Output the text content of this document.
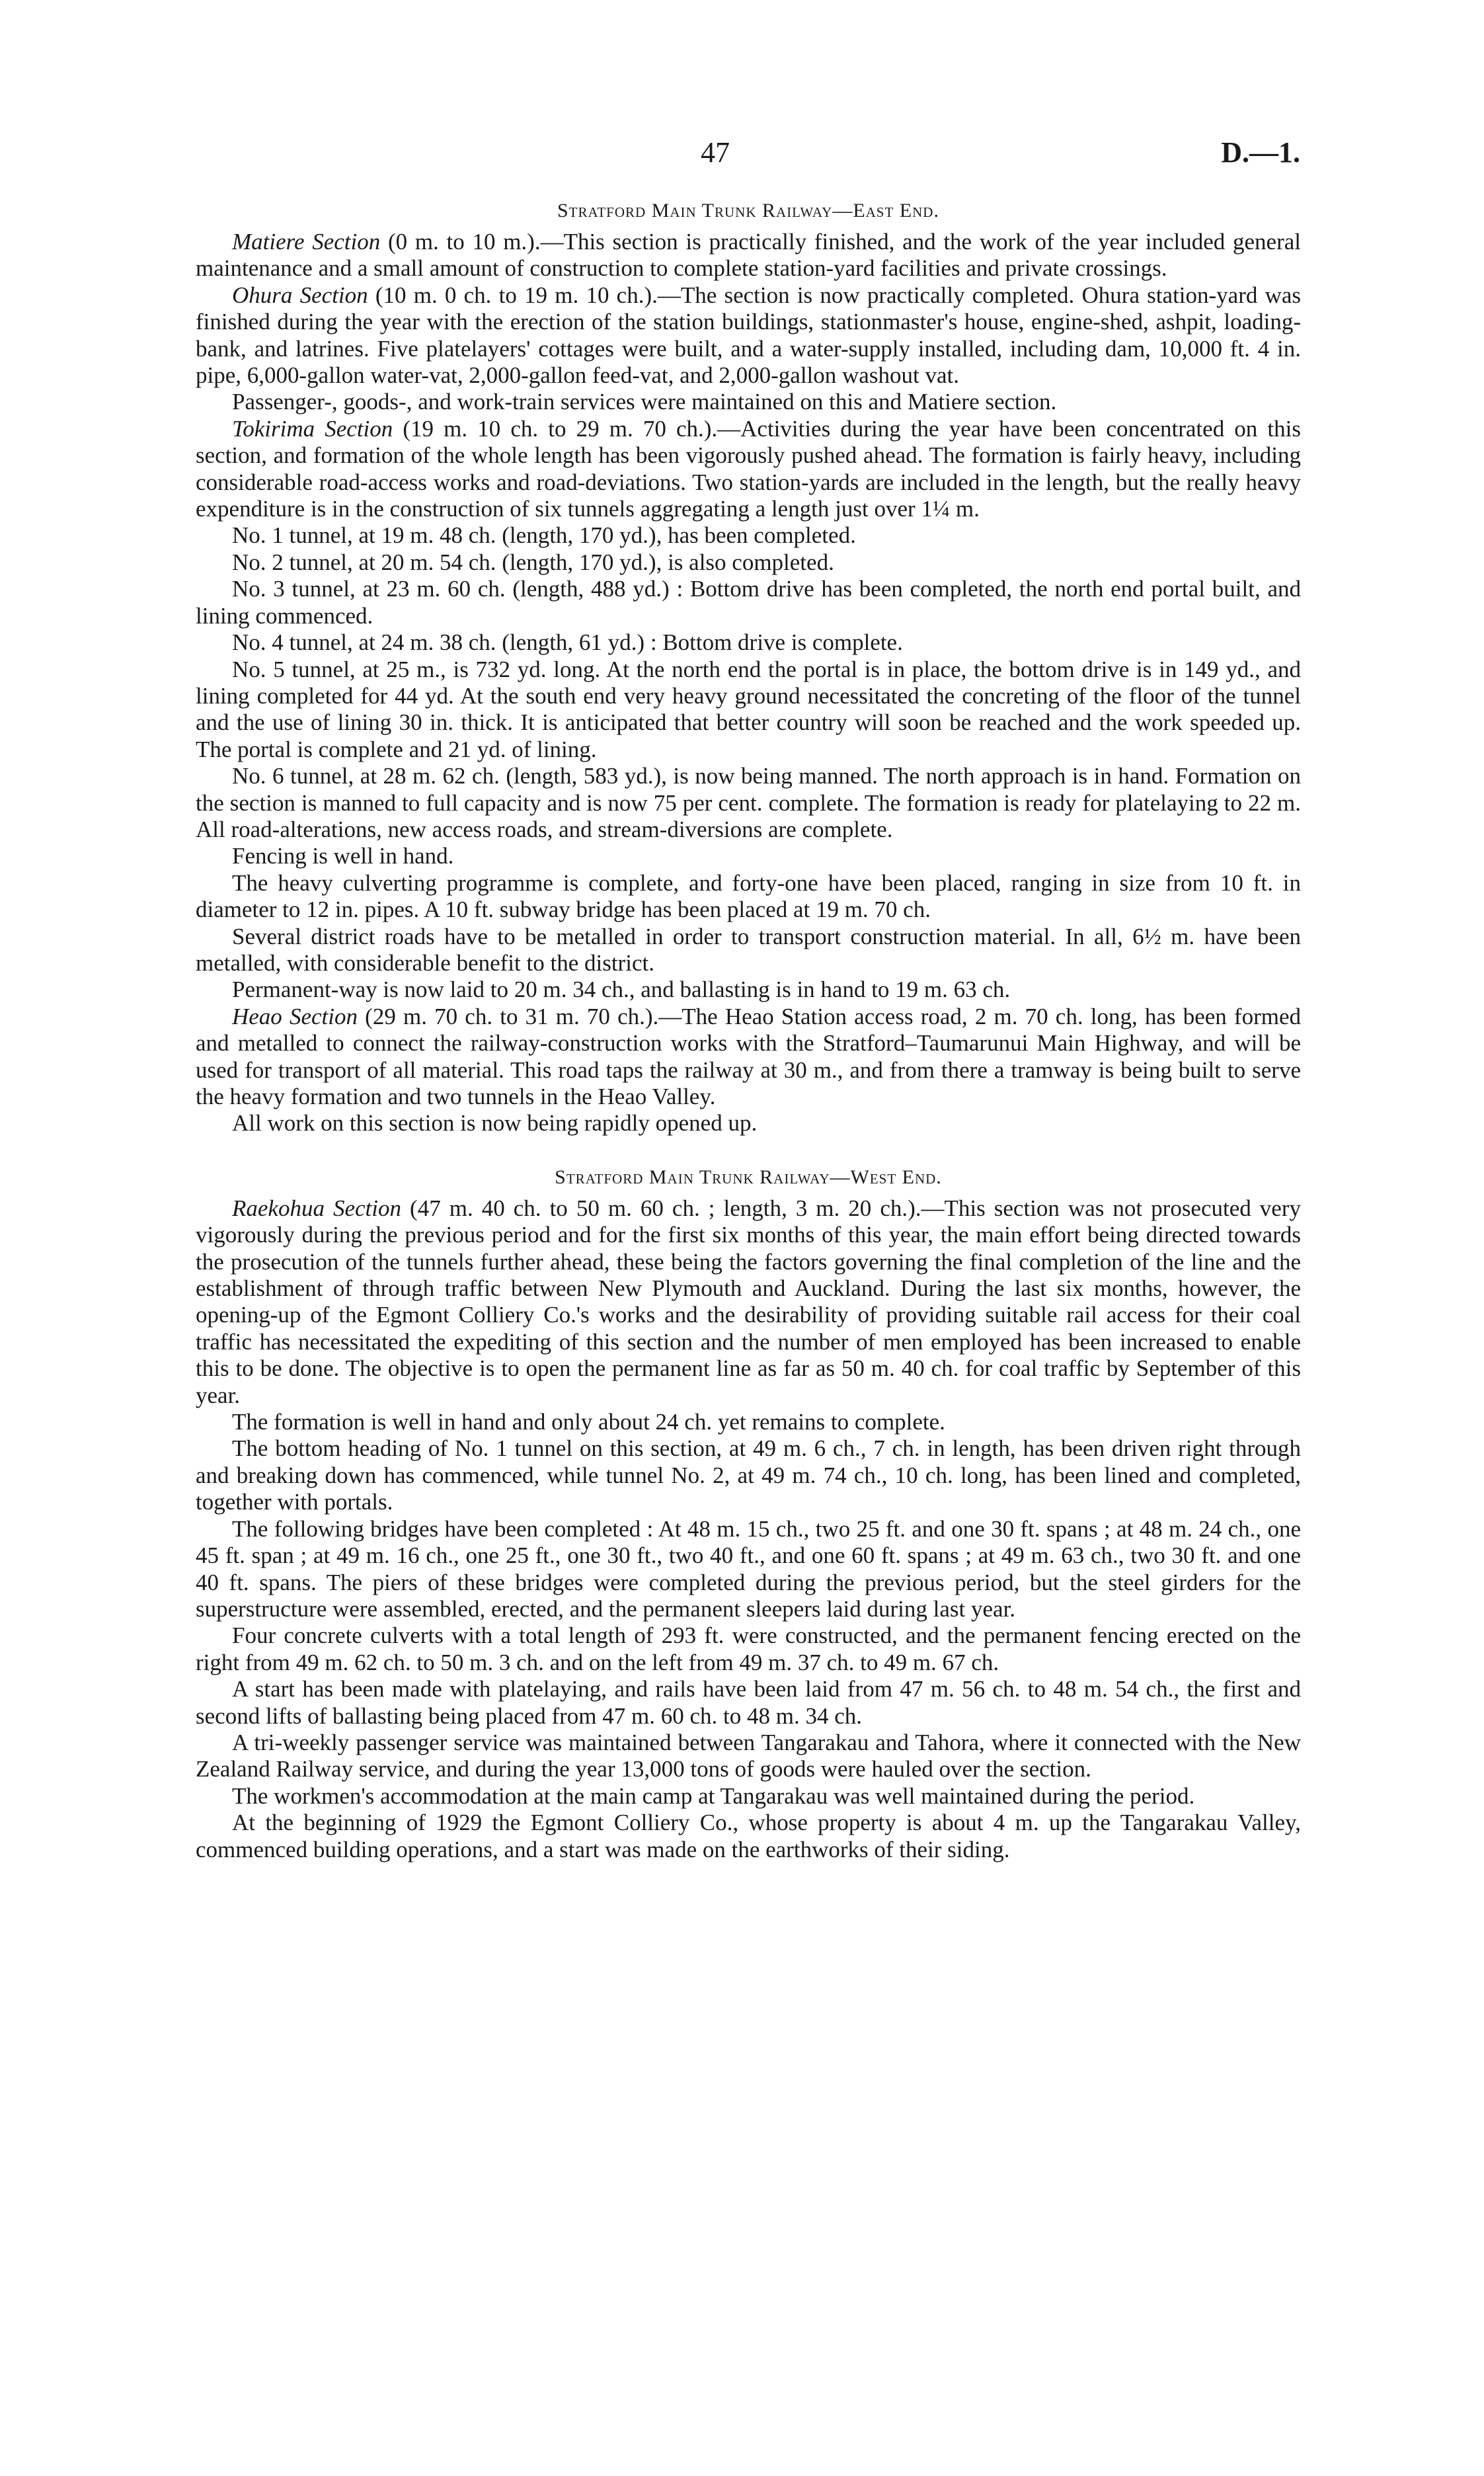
47	D.—1.
Stratford Main Trunk Railway—East End.

Matiere Section (0 m. to 10 m.).—This section is practically finished, and the work of the year included general maintenance and a small amount of construction to complete station-yard facilities and private crossings.

Ohura Section (10 m. 0 ch. to 19 m. 10 ch.).—The section is now practically completed. Ohura station-yard was finished during the year with the erection of the station buildings, stationmaster's house, engine-shed, ashpit, loading-bank, and latrines. Five platelayers' cottages were built, and a water-supply installed, including dam, 10,000 ft. 4 in. pipe, 6,000-gallon water-vat, 2,000-gallon feed-vat, and 2,000-gallon washout vat.

Passenger-, goods-, and work-train services were maintained on this and Matiere section.

Tokirima Section (19 m. 10 ch. to 29 m. 70 ch.).—Activities during the year have been concentrated on this section, and formation of the whole length has been vigorously pushed ahead. The formation is fairly heavy, including considerable road-access works and road-deviations. Two station-yards are included in the length, but the really heavy expenditure is in the construction of six tunnels aggregating a length just over 1¼ m.

No. 1 tunnel, at 19 m. 48 ch. (length, 170 yd.), has been completed.

No. 2 tunnel, at 20 m. 54 ch. (length, 170 yd.), is also completed.

No. 3 tunnel, at 23 m. 60 ch. (length, 488 yd.) : Bottom drive has been completed, the north end portal built, and lining commenced.

No. 4 tunnel, at 24 m. 38 ch. (length, 61 yd.) : Bottom drive is complete.

No. 5 tunnel, at 25 m., is 732 yd. long. At the north end the portal is in place, the bottom drive is in 149 yd., and lining completed for 44 yd. At the south end very heavy ground necessitated the concreting of the floor of the tunnel and the use of lining 30 in. thick. It is anticipated that better country will soon be reached and the work speeded up. The portal is complete and 21 yd. of lining.

No. 6 tunnel, at 28 m. 62 ch. (length, 583 yd.), is now being manned. The north approach is in hand. Formation on the section is manned to full capacity and is now 75 per cent. complete. The formation is ready for platelaying to 22 m. All road-alterations, new access roads, and stream-diversions are complete.

Fencing is well in hand.

The heavy culverting programme is complete, and forty-one have been placed, ranging in size from 10 ft. in diameter to 12 in. pipes. A 10 ft. subway bridge has been placed at 19 m. 70 ch.

Several district roads have to be metalled in order to transport construction material. In all, 6½ m. have been metalled, with considerable benefit to the district.

Permanent-way is now laid to 20 m. 34 ch., and ballasting is in hand to 19 m. 63 ch.

Heao Section (29 m. 70 ch. to 31 m. 70 ch.).—The Heao Station access road, 2 m. 70 ch. long, has been formed and metalled to connect the railway-construction works with the Stratford–Taumarunui Main Highway, and will be used for transport of all material. This road taps the railway at 30 m., and from there a tramway is being built to serve the heavy formation and two tunnels in the Heao Valley.

All work on this section is now being rapidly opened up.

Stratford Main Trunk Railway—West End.

Raekohua Section (47 m. 40 ch. to 50 m. 60 ch. ; length, 3 m. 20 ch.).—This section was not prosecuted very vigorously during the previous period and for the first six months of this year, the main effort being directed towards the prosecution of the tunnels further ahead, these being the factors governing the final completion of the line and the establishment of through traffic between New Plymouth and Auckland. During the last six months, however, the opening-up of the Egmont Colliery Co.'s works and the desirability of providing suitable rail access for their coal traffic has necessitated the expediting of this section and the number of men employed has been increased to enable this to be done. The objective is to open the permanent line as far as 50 m. 40 ch. for coal traffic by September of this year.

The formation is well in hand and only about 24 ch. yet remains to complete.

The bottom heading of No. 1 tunnel on this section, at 49 m. 6 ch., 7 ch. in length, has been driven right through and breaking down has commenced, while tunnel No. 2, at 49 m. 74 ch., 10 ch. long, has been lined and completed, together with portals.

The following bridges have been completed : At 48 m. 15 ch., two 25 ft. and one 30 ft. spans ; at 48 m. 24 ch., one 45 ft. span ; at 49 m. 16 ch., one 25 ft., one 30 ft., two 40 ft., and one 60 ft. spans ; at 49 m. 63 ch., two 30 ft. and one 40 ft. spans. The piers of these bridges were completed during the previous period, but the steel girders for the superstructure were assembled, erected, and the permanent sleepers laid during last year.

Four concrete culverts with a total length of 293 ft. were constructed, and the permanent fencing erected on the right from 49 m. 62 ch. to 50 m. 3 ch. and on the left from 49 m. 37 ch. to 49 m. 67 ch.

A start has been made with platelaying, and rails have been laid from 47 m. 56 ch. to 48 m. 54 ch., the first and second lifts of ballasting being placed from 47 m. 60 ch. to 48 m. 34 ch.

A tri-weekly passenger service was maintained between Tangarakau and Tahora, where it connected with the New Zealand Railway service, and during the year 13,000 tons of goods were hauled over the section.

The workmen's accommodation at the main camp at Tangarakau was well maintained during the period.

At the beginning of 1929 the Egmont Colliery Co., whose property is about 4 m. up the Tangarakau Valley, commenced building operations, and a start was made on the earthworks of their siding.
